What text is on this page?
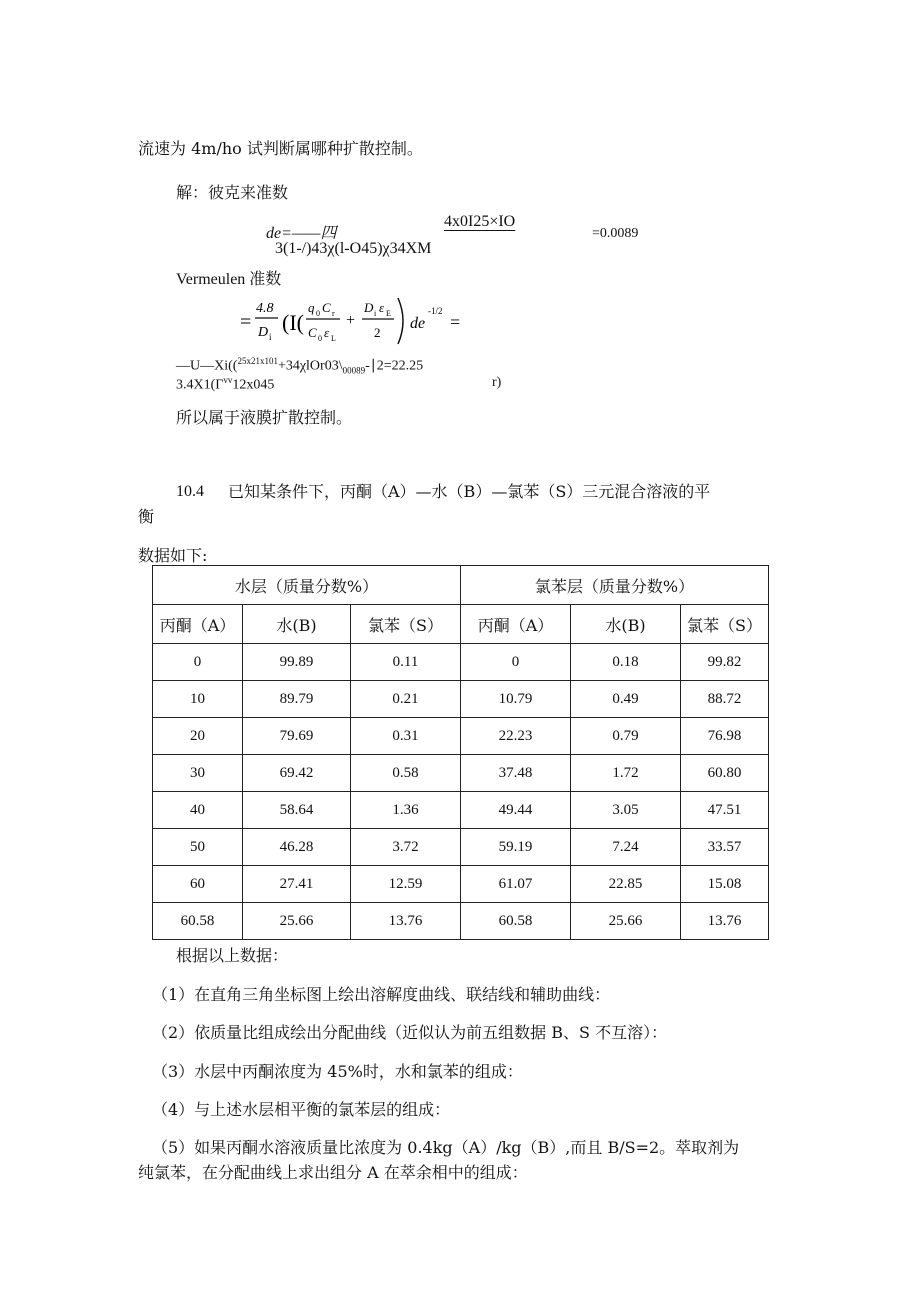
流速为 4m∕ho 试判断属哪种扩散控制。
解：彼克来准数
de=——四
4x0I25×IO
3(1-/)43χ(l-O45)χ34XM
=0.0089
Vermeulen 准数
=
4.8
D i
(I(
q 0 C r
C 0 ε L
+
D i ε E
2
de
-1/2
=
$—U—Xi((^{25x21x101}+34\chi lOr03\backslash_{00089}-∣2=22.25$
$3.4X1(\Gamma^{vv}12x045$	r)
所以属于液膜扩散控制。
10.4 已知某条件下，丙酮（A）—水（B）—氯苯（S）三元混合溶液的平
衡
数据如下:
水层（质量分数%）			氯苯层（质量分数%）		
丙酮（A）	水(B)	氯苯（S）	丙酮（A）	水(B)	氯苯（S）
0	99.89	0.11	0	0.18	99.82
10	89.79	0.21	10.79	0.49	88.72
20	79.69	0.31	22.23	0.79	76.98
30	69.42	0.58	37.48	1.72	60.80
40	58.64	1.36	49.44	3.05	47.51
50	46.28	3.72	59.19	7.24	33.57
60	27.41	12.59	61.07	22.85	15.08
60.58	25.66	13.76	60.58	25.66	13.76
根据以上数据：
（1）在直角三角坐标图上绘出溶解度曲线、联结线和辅助曲线：
（2）依质量比组成绘出分配曲线（近似认为前五组数据 B、S 不互溶）：
（3）水层中丙酮浓度为 45%时，水和氯苯的组成：
（4）与上述水层相平衡的氯苯层的组成：
（5）如果丙酮水溶液质量比浓度为 0.4kg（A）∕kg（B）,而且 B∕S=2。萃取剂为
纯氯苯，在分配曲线上求出组分 A 在萃余相中的组成：
